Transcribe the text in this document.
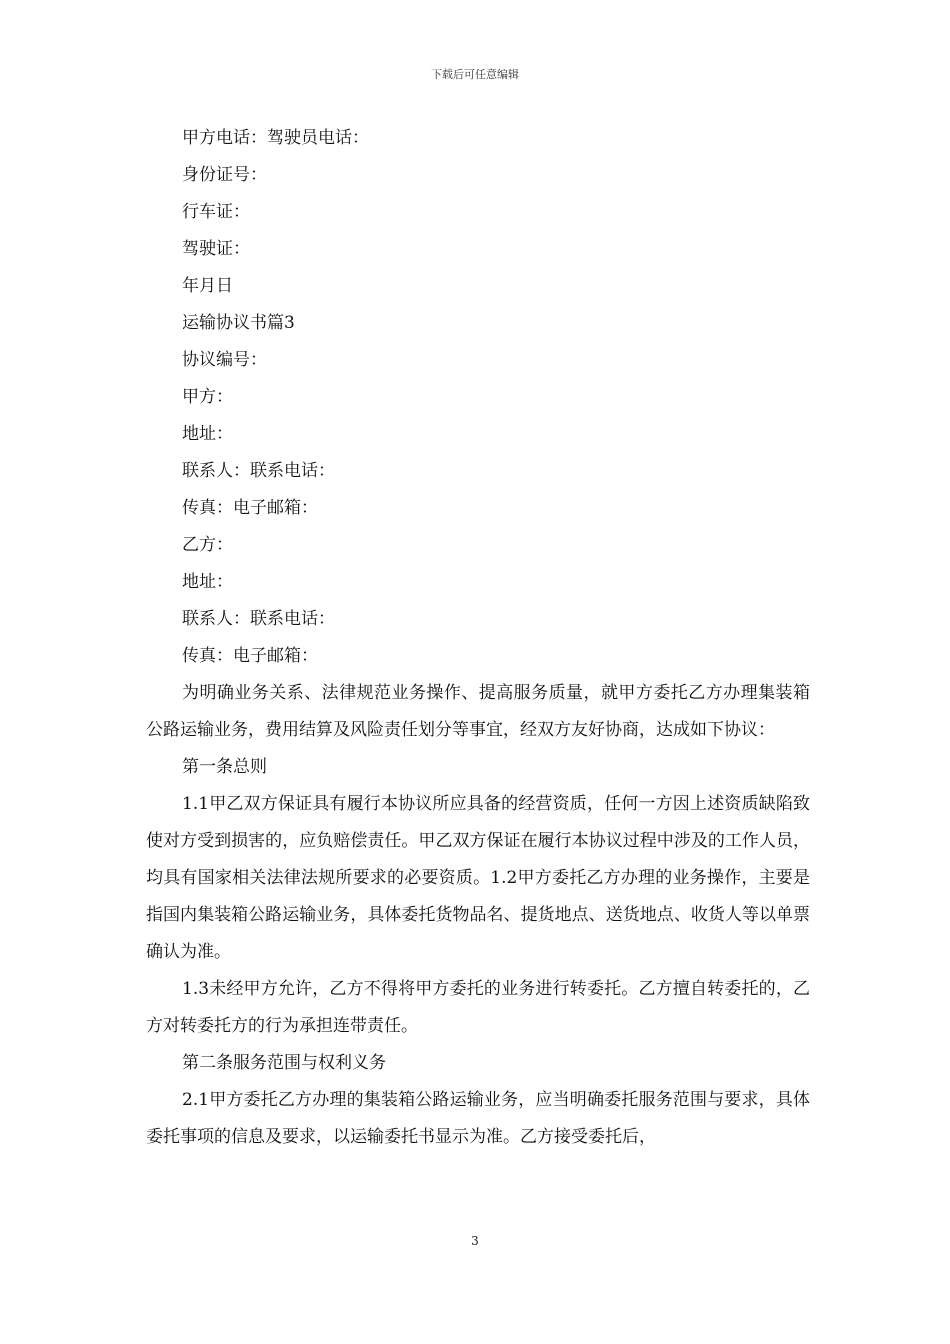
下载后可任意编辑
甲方电话：驾驶员电话：
身份证号：
行车证：
驾驶证：
年月日
运输协议书篇3
协议编号：
甲方：
地址：
联系人：联系电话：
传真：电子邮箱：
乙方：
地址：
联系人：联系电话：
传真：电子邮箱：

为明确业务关系、法律规范业务操作、提高服务质量，就甲方委托乙方办理集装箱公路运输业务，费用结算及风险责任划分等事宜，经双方友好协商，达成如下协议：

第一条总则

1.1甲乙双方保证具有履行本协议所应具备的经营资质，任何一方因上述资质缺陷致使对方受到损害的，应负赔偿责任。甲乙双方保证在履行本协议过程中涉及的工作人员，均具有国家相关法律法规所要求的必要资质。1.2甲方委托乙方办理的业务操作，主要是指国内集装箱公路运输业务，具体委托货物品名、提货地点、送货地点、收货人等以单票确认为准。

1.3未经甲方允许，乙方不得将甲方委托的业务进行转委托。乙方擅自转委托的，乙方对转委托方的行为承担连带责任。

第二条服务范围与权利义务

2.1甲方委托乙方办理的集装箱公路运输业务，应当明确委托服务范围与要求，具体委托事项的信息及要求，以运输委托书显示为准。乙方接受委托后，

3
